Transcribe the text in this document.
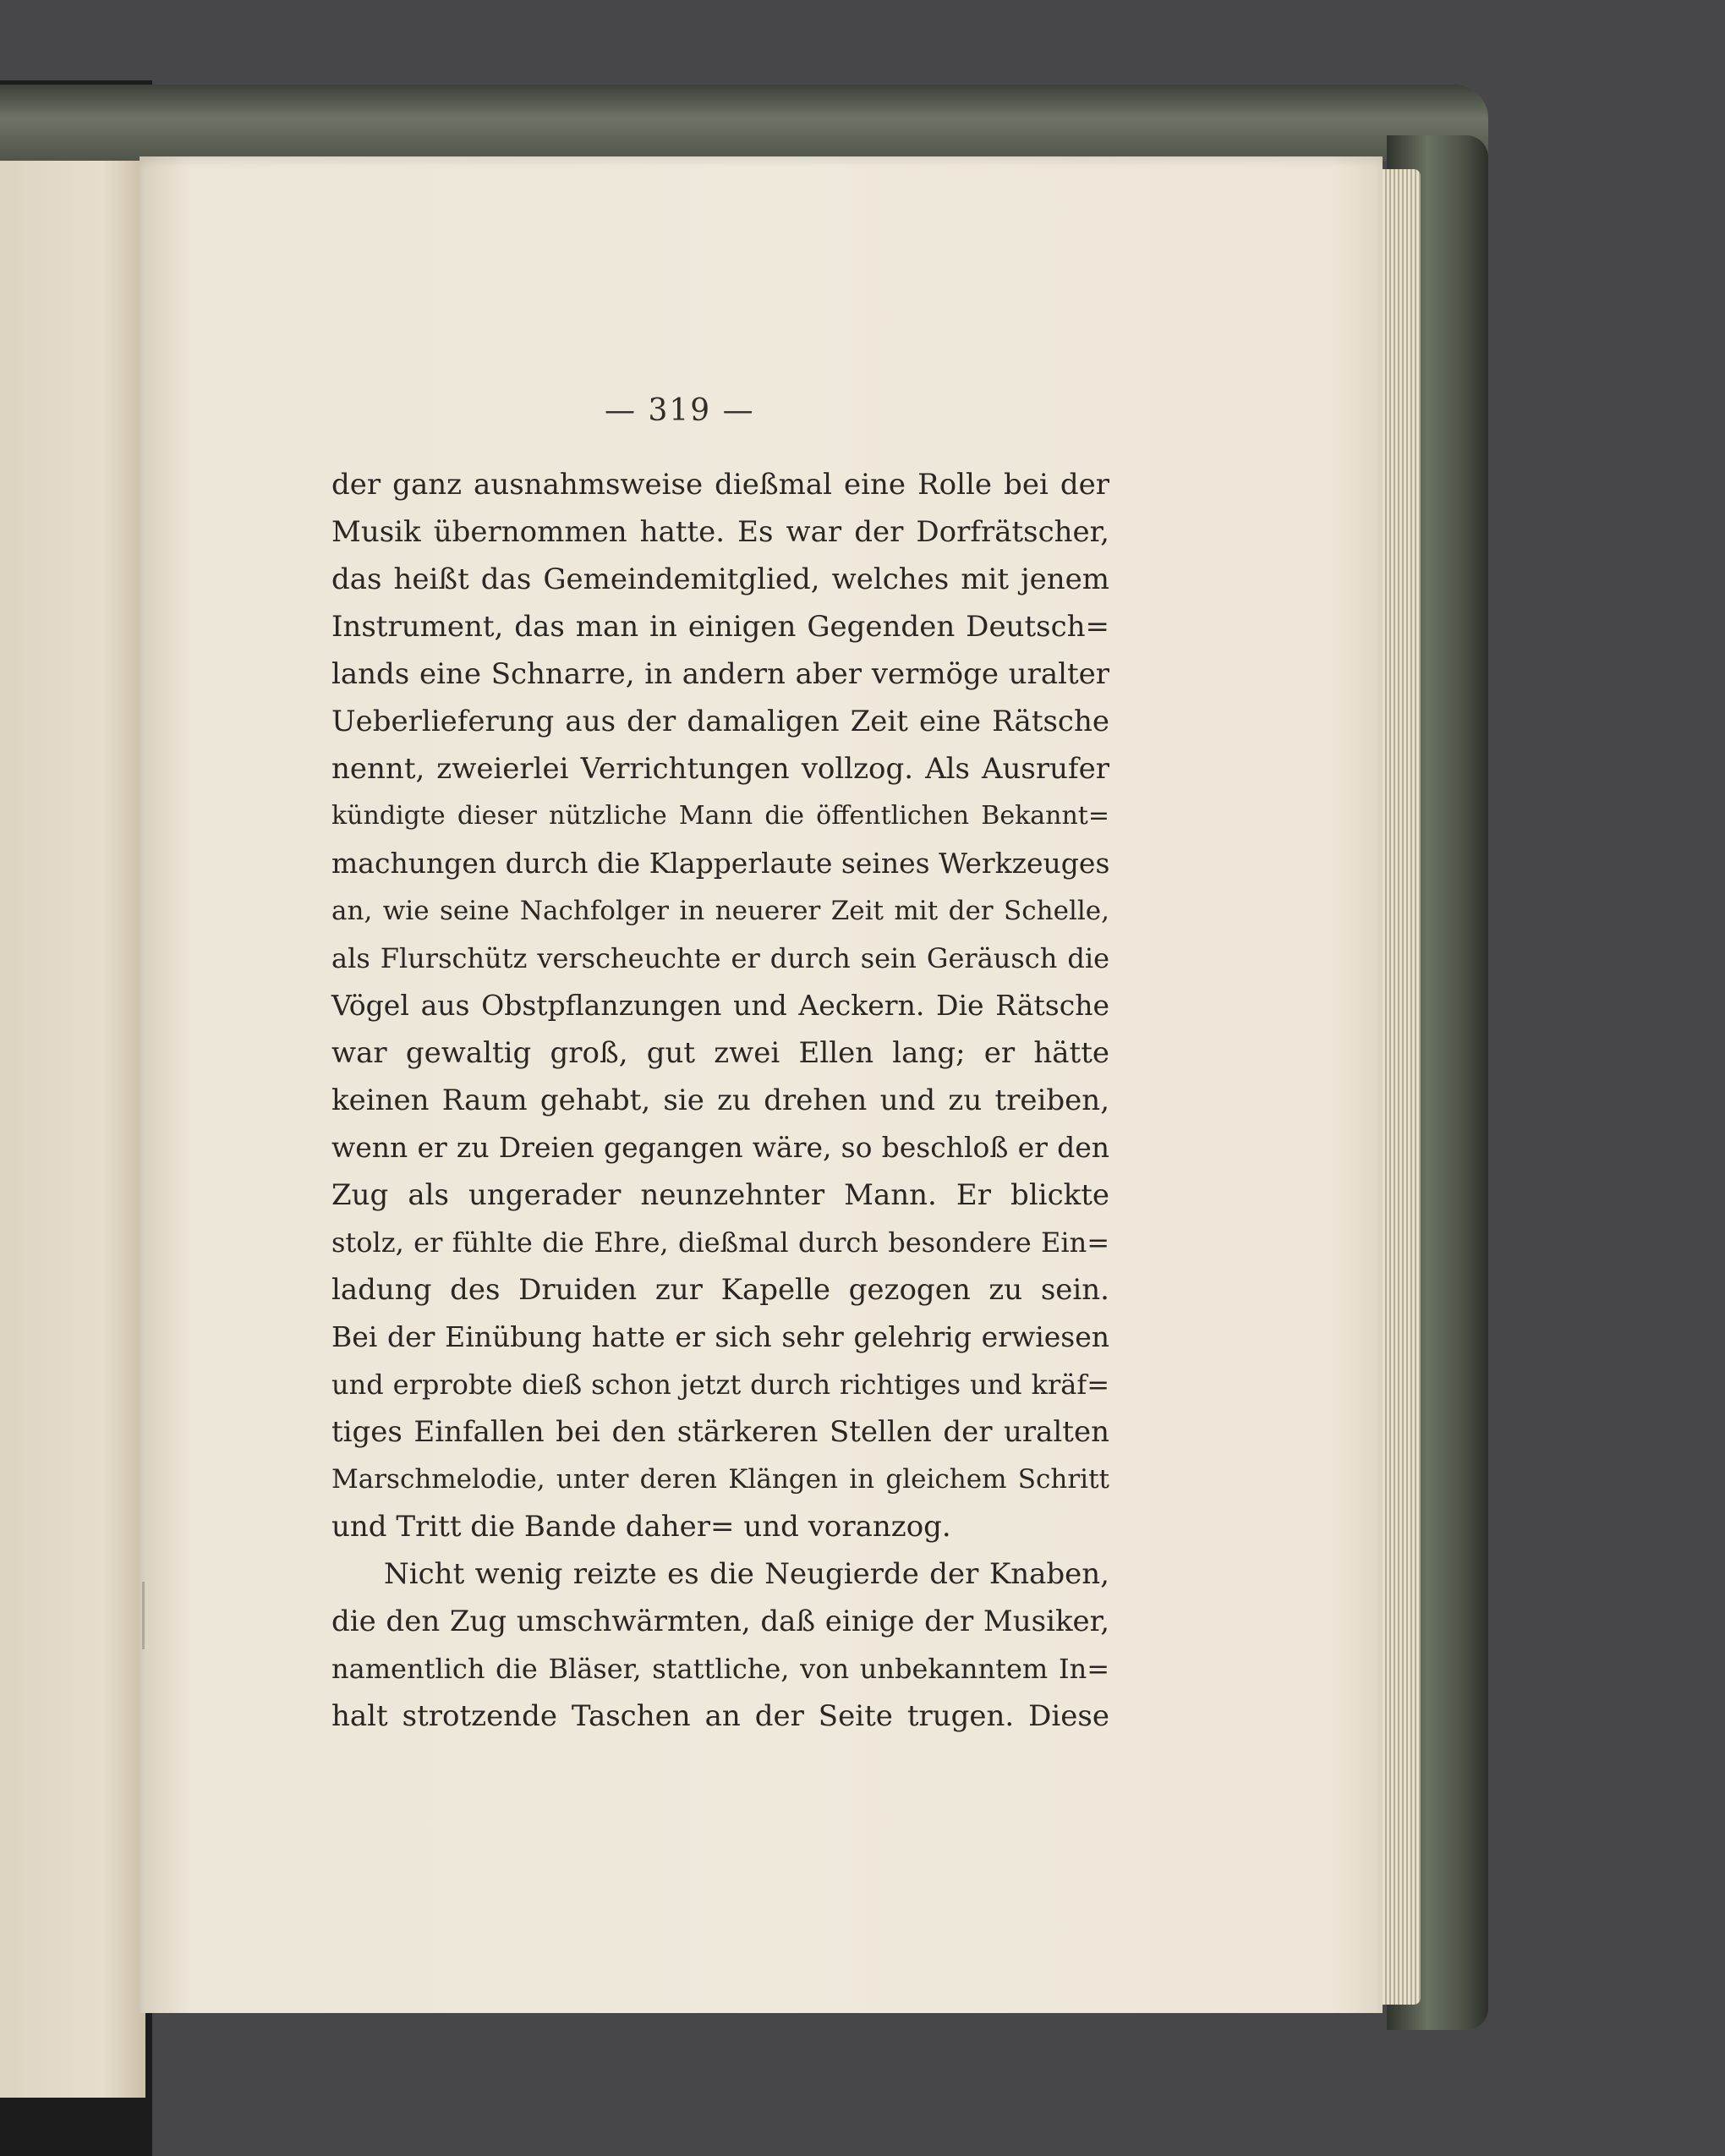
— 319 —
der ganz ausnahmsweise dießmal eine Rolle bei der
Musik übernommen hatte. Es war der Dorfrätscher,
das heißt das Gemeindemitglied, welches mit jenem
Instrument, das man in einigen Gegenden Deutsch=
lands eine Schnarre, in andern aber vermöge uralter
Ueberlieferung aus der damaligen Zeit eine Rätsche
nennt, zweierlei Verrichtungen vollzog. Als Ausrufer
kündigte dieser nützliche Mann die öffentlichen Bekannt=
machungen durch die Klapperlaute seines Werkzeuges
an, wie seine Nachfolger in neuerer Zeit mit der Schelle,
als Flurschütz verscheuchte er durch sein Geräusch die
Vögel aus Obstpflanzungen und Aeckern. Die Rätsche
war gewaltig groß, gut zwei Ellen lang; er hätte
keinen Raum gehabt, sie zu drehen und zu treiben,
wenn er zu Dreien gegangen wäre, so beschloß er den
Zug als ungerader neunzehnter Mann. Er blickte
stolz, er fühlte die Ehre, dießmal durch besondere Ein=
ladung des Druiden zur Kapelle gezogen zu sein.
Bei der Einübung hatte er sich sehr gelehrig erwiesen
und erprobte dieß schon jetzt durch richtiges und kräf=
tiges Einfallen bei den stärkeren Stellen der uralten
Marschmelodie, unter deren Klängen in gleichem Schritt
und Tritt die Bande daher= und voranzog.
Nicht wenig reizte es die Neugierde der Knaben,
die den Zug umschwärmten, daß einige der Musiker,
namentlich die Bläser, stattliche, von unbekanntem In=
halt strotzende Taschen an der Seite trugen. Diese
